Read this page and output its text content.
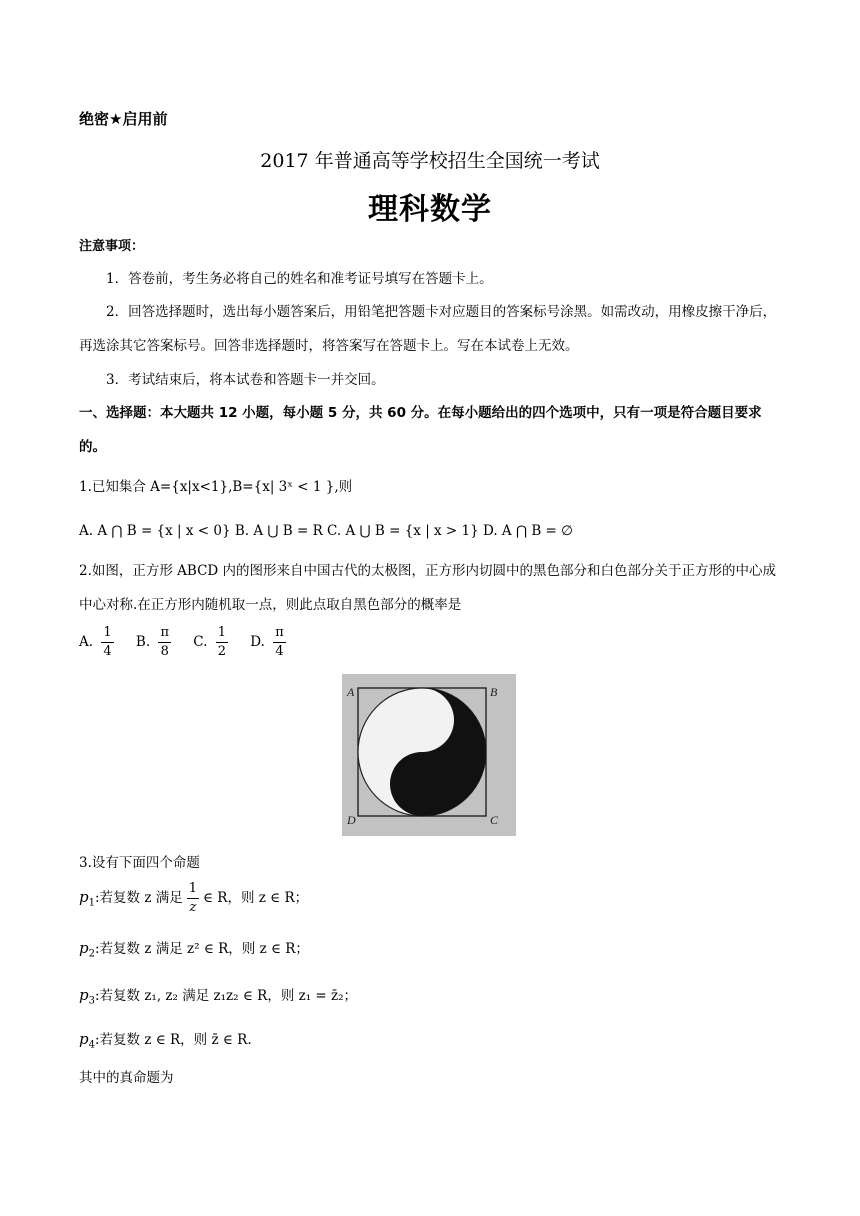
绝密★启用前
2017 年普通高等学校招生全国统一考试
理科数学
注意事项：
1．答卷前，考生务必将自己的姓名和准考证号填写在答题卡上。
2．回答选择题时，选出每小题答案后，用铅笔把答题卡对应题目的答案标号涂黑。如需改动，用橡皮擦干净后，再选涂其它答案标号。回答非选择题时，将答案写在答题卡上。写在本试卷上无效。
3．考试结束后，将本试卷和答题卡一并交回。
一、选择题：本大题共 12 小题，每小题 5 分，共 60 分。在每小题给出的四个选项中，只有一项是符合题目要求的。
1.已知集合 A={x|x<1},B={x| 3ˣ < 1 },则
A. A ⋂ B = {x | x < 0} B. A ⋃ B = R C. A ⋃ B = {x | x > 1} D. A ⋂ B = ∅
2.如图，正方形 ABCD 内的图形来自中国古代的太极图，正方形内切圆中的黑色部分和白色部分关于正方形的中心成中心对称.在正方形内随机取一点，则此点取自黑色部分的概率是
A. $\frac{1}{4} B$. $\frac{\pi}{8} C$. $\frac{1}{2} D$. $\frac{\pi}{4}$
A	B
D	C
3.设有下面四个命题
$p_1$:若复数 z 满足 $\frac{1}{z}$ ∈ R，则 z ∈ R；
$p_2$:若复数 z 满足 z² ∈ R，则 z ∈ R；
$p_3$:若复数 z₁, z₂ 满足 z₁z₂ ∈ R，则 z₁ = z̄₂；
$p_4$:若复数 z ∈ R，则 z̄ ∈ R.
其中的真命题为
